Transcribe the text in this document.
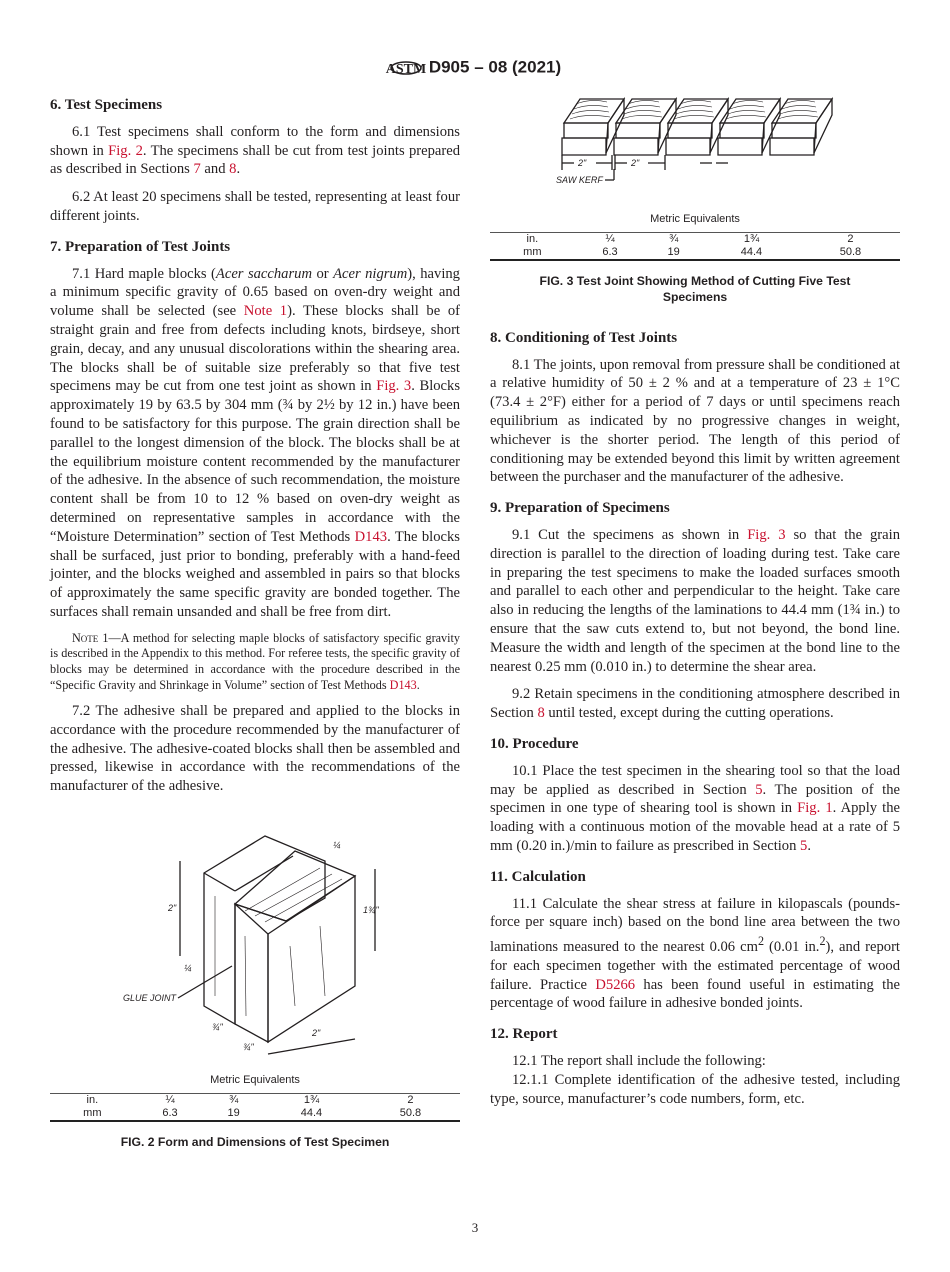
ASTM D905 – 08 (2021)
6. Test Specimens

6.1 Test specimens shall conform to the form and dimensions shown in Fig. 2. The specimens shall be cut from test joints prepared as described in Sections 7 and 8.

6.2 At least 20 specimens shall be tested, representing at least four different joints.

7. Preparation of Test Joints

7.1 Hard maple blocks (Acer saccharum or Acer nigrum), having a minimum specific gravity of 0.65 based on oven-dry weight and volume shall be selected (see Note 1). These blocks shall be of straight grain and free from defects including knots, birdseye, short grain, decay, and any unusual discolorations within the shearing area. The blocks shall be of suitable size preferably so that five test specimens may be cut from one test joint as shown in Fig. 3. Blocks approximately 19 by 63.5 by 304 mm (¾ by 2½ by 12 in.) have been found to be satisfactory for this purpose. The grain direction shall be parallel to the longest dimension of the block. The blocks shall be at the equilibrium moisture content recommended by the manufacturer of the adhesive. In the absence of such recommendation, the moisture content shall be from 10 to 12 % based on oven-dry weight as determined on representative samples in accordance with the “Moisture Determination” section of Test Methods D143. The blocks shall be surfaced, just prior to bonding, preferably with a hand-feed jointer, and the blocks weighed and assembled in pairs so that blocks of approximately the same specific gravity are bonded together. The surfaces shall remain unsanded and shall be free from dirt.

Note 1—A method for selecting maple blocks of satisfactory specific gravity is described in the Appendix to this method. For referee tests, the specific gravity of blocks may be determined in accordance with the procedure described in the “Specific Gravity and Shrinkage in Volume” section of Test Methods D143.

7.2 The adhesive shall be prepared and applied to the blocks in accordance with the procedure recommended by the manufacturer of the adhesive. The adhesive-coated blocks shall then be assembled and pressed, likewise in accordance with the recommendations of the manufacturer of the adhesive.

2"	1¾"
2"
¾"
¾"
¼
¼
GLUE JOINT
Metric Equivalents
in.	¼	¾	1¾	2
mm	6.3	19	44.4	50.8
FIG. 2 Form and Dimensions of Test Specimen
2"	2"
SAW KERF
Metric Equivalents
in.	¼	¾	1¾	2
mm	6.3	19	44.4	50.8
FIG. 3 Test Joint Showing Method of Cutting Five Test Specimens
8. Conditioning of Test Joints

8.1 The joints, upon removal from pressure shall be conditioned at a relative humidity of 50 ± 2 % and at a temperature of 23 ± 1°C (73.4 ± 2°F) either for a period of 7 days or until specimens reach equilibrium as indicated by no progressive changes in weight, whichever is the shorter period. The length of this period of conditioning may be extended beyond this limit by written agreement between the purchaser and the manufacturer of the adhesive.

9. Preparation of Specimens

9.1 Cut the specimens as shown in Fig. 3 so that the grain direction is parallel to the direction of loading during test. Take care in preparing the test specimens to make the loaded surfaces smooth and parallel to each other and perpendicular to the height. Take care also in reducing the lengths of the laminations to 44.4 mm (1¾ in.) to ensure that the saw cuts extend to, but not beyond, the bond line. Measure the width and length of the specimen at the bond line to the nearest 0.25 mm (0.010 in.) to determine the shear area.

9.2 Retain specimens in the conditioning atmosphere described in Section 8 until tested, except during the cutting operations.

10. Procedure

10.1 Place the test specimen in the shearing tool so that the load may be applied as described in Section 5. The position of the specimen in one type of shearing tool is shown in Fig. 1. Apply the loading with a continuous motion of the movable head at a rate of 5 mm (0.20 in.)/min to failure as prescribed in Section 5.

11. Calculation

11.1 Calculate the shear stress at failure in kilopascals (pounds-force per square inch) based on the bond line area between the two laminations measured to the nearest 0.06 $cm^2$ (0.01 in.$^2$), and report for each specimen together with the estimated percentage of wood failure. Practice D5266 has been found useful in estimating the percentage of wood failure in adhesive bonded joints.

12. Report

12.1 The report shall include the following:

12.1.1 Complete identification of the adhesive tested, including type, source, manufacturer’s code numbers, form, etc.

3
